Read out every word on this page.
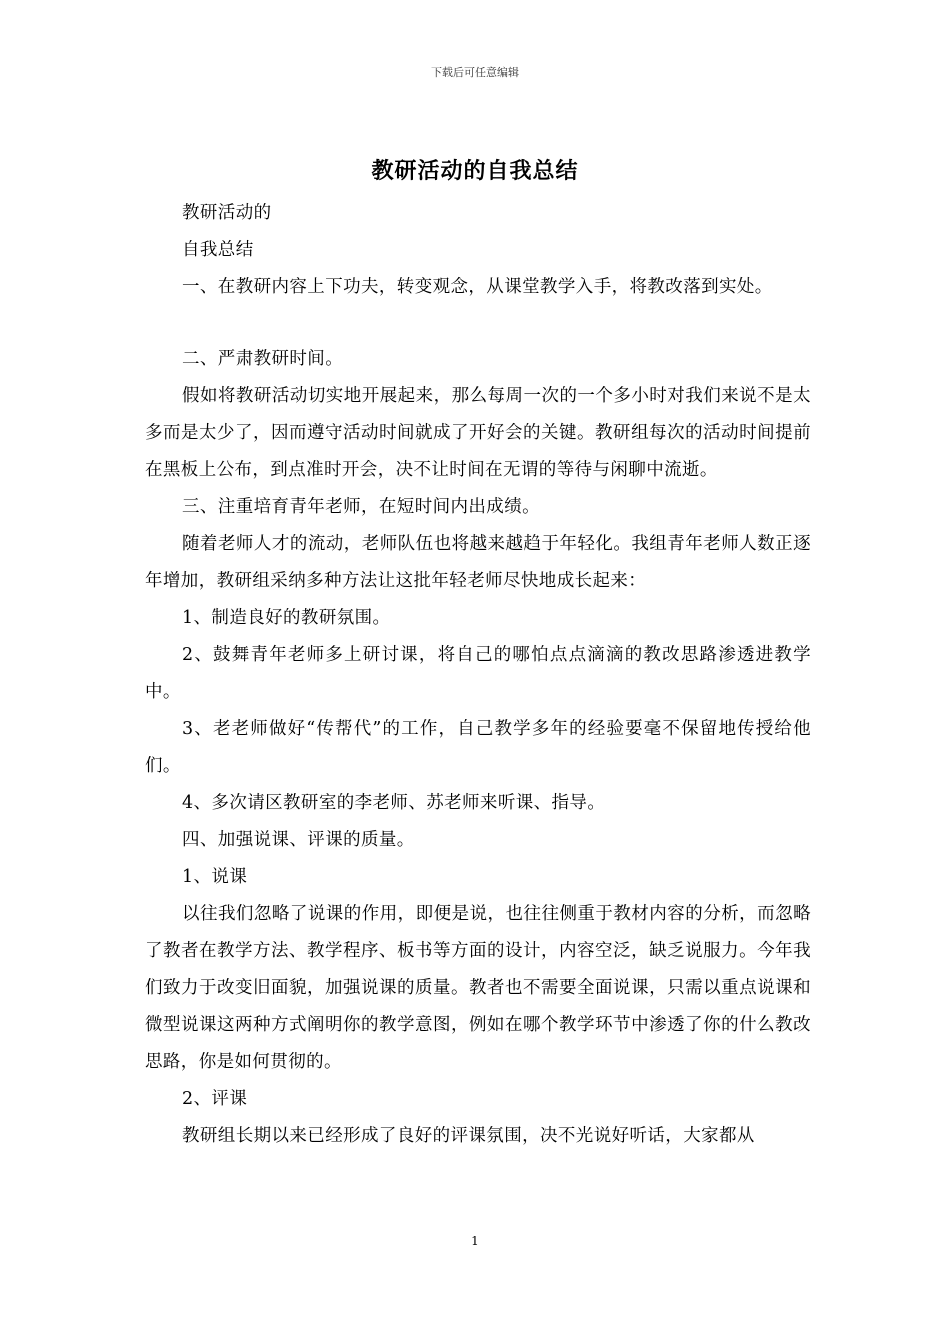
下载后可任意编辑
教研活动的自我总结

教研活动的

自我总结

一、在教研内容上下功夫，转变观念，从课堂教学入手，将教改落到实处。

二、严肃教研时间。

假如将教研活动切实地开展起来，那么每周一次的一个多小时对我们来说不是太多而是太少了，因而遵守活动时间就成了开好会的关键。教研组每次的活动时间提前在黑板上公布，到点准时开会，决不让时间在无谓的等待与闲聊中流逝。

三、注重培育青年老师，在短时间内出成绩。

随着老师人才的流动，老师队伍也将越来越趋于年轻化。我组青年老师人数正逐年增加，教研组采纳多种方法让这批年轻老师尽快地成长起来：

1、制造良好的教研氛围。

2、鼓舞青年老师多上研讨课，将自己的哪怕点点滴滴的教改思路渗透进教学中。

3、老老师做好“传帮代”的工作，自己教学多年的经验要毫不保留地传授给他们。

4、多次请区教研室的李老师、苏老师来听课、指导。

四、加强说课、评课的质量。

1、说课

以往我们忽略了说课的作用，即便是说，也往往侧重于教材内容的分析，而忽略了教者在教学方法、教学程序、板书等方面的设计，内容空泛，缺乏说服力。今年我们致力于改变旧面貌，加强说课的质量。教者也不需要全面说课，只需以重点说课和微型说课这两种方式阐明你的教学意图，例如在哪个教学环节中渗透了你的什么教改思路，你是如何贯彻的。

2、评课

教研组长期以来已经形成了良好的评课氛围，决不光说好听话，大家都从

1
